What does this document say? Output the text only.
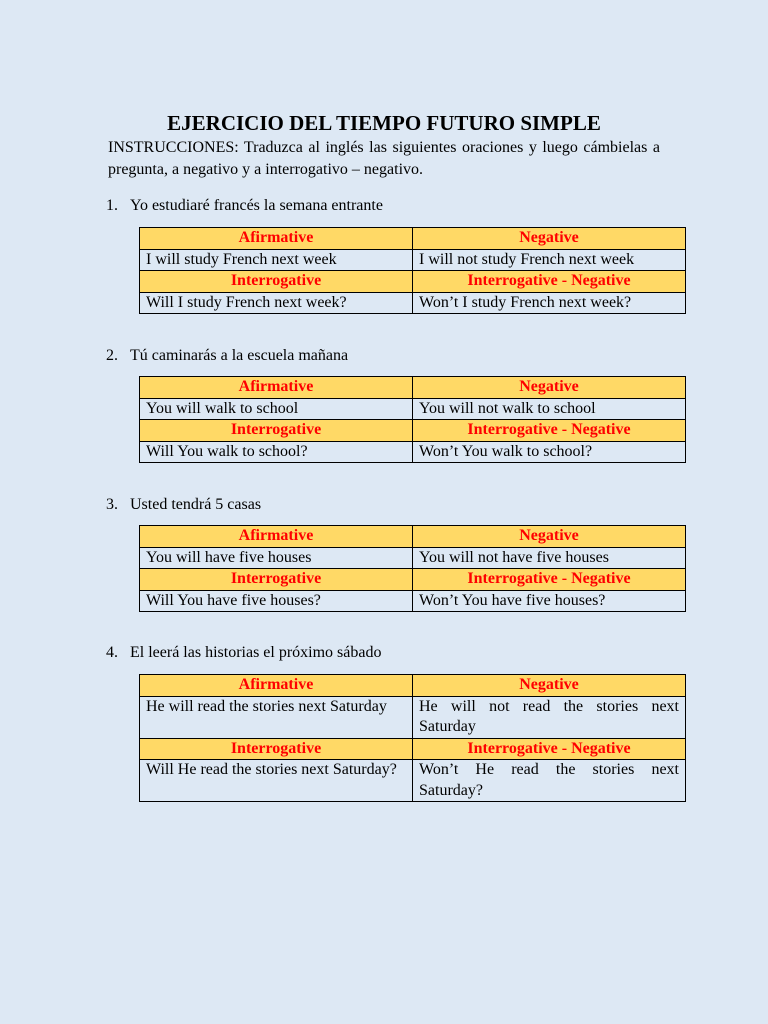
EJERCICIO DEL TIEMPO FUTURO SIMPLE

INSTRUCCIONES: Traduzca al inglés las siguientes oraciones y luego cámbielas a pregunta, a negativo y a interrogativo – negativo.

1. Yo estudiaré francés la semana entrante

Afirmative	Negative
I will study French next week	I will not study French next week
Interrogative	Interrogative - Negative
Will I study French next week?	Won’t I study French next week?

2. Tú caminarás a la escuela mañana

Afirmative	Negative
You will walk to school	You will not walk to school
Interrogative	Interrogative - Negative
Will You walk to school?	Won’t You walk to school?

3. Usted tendrá 5 casas

Afirmative	Negative
You will have five houses	You will not have five houses
Interrogative	Interrogative - Negative
Will You have five houses?	Won’t You have five houses?

4. El leerá las historias el próximo sábado

Afirmative	Negative
He will read the stories next Saturday	He will not read the stories next Saturday
Interrogative	Interrogative - Negative
Will He read the stories next Saturday?	Won’t He read the stories next Saturday?
